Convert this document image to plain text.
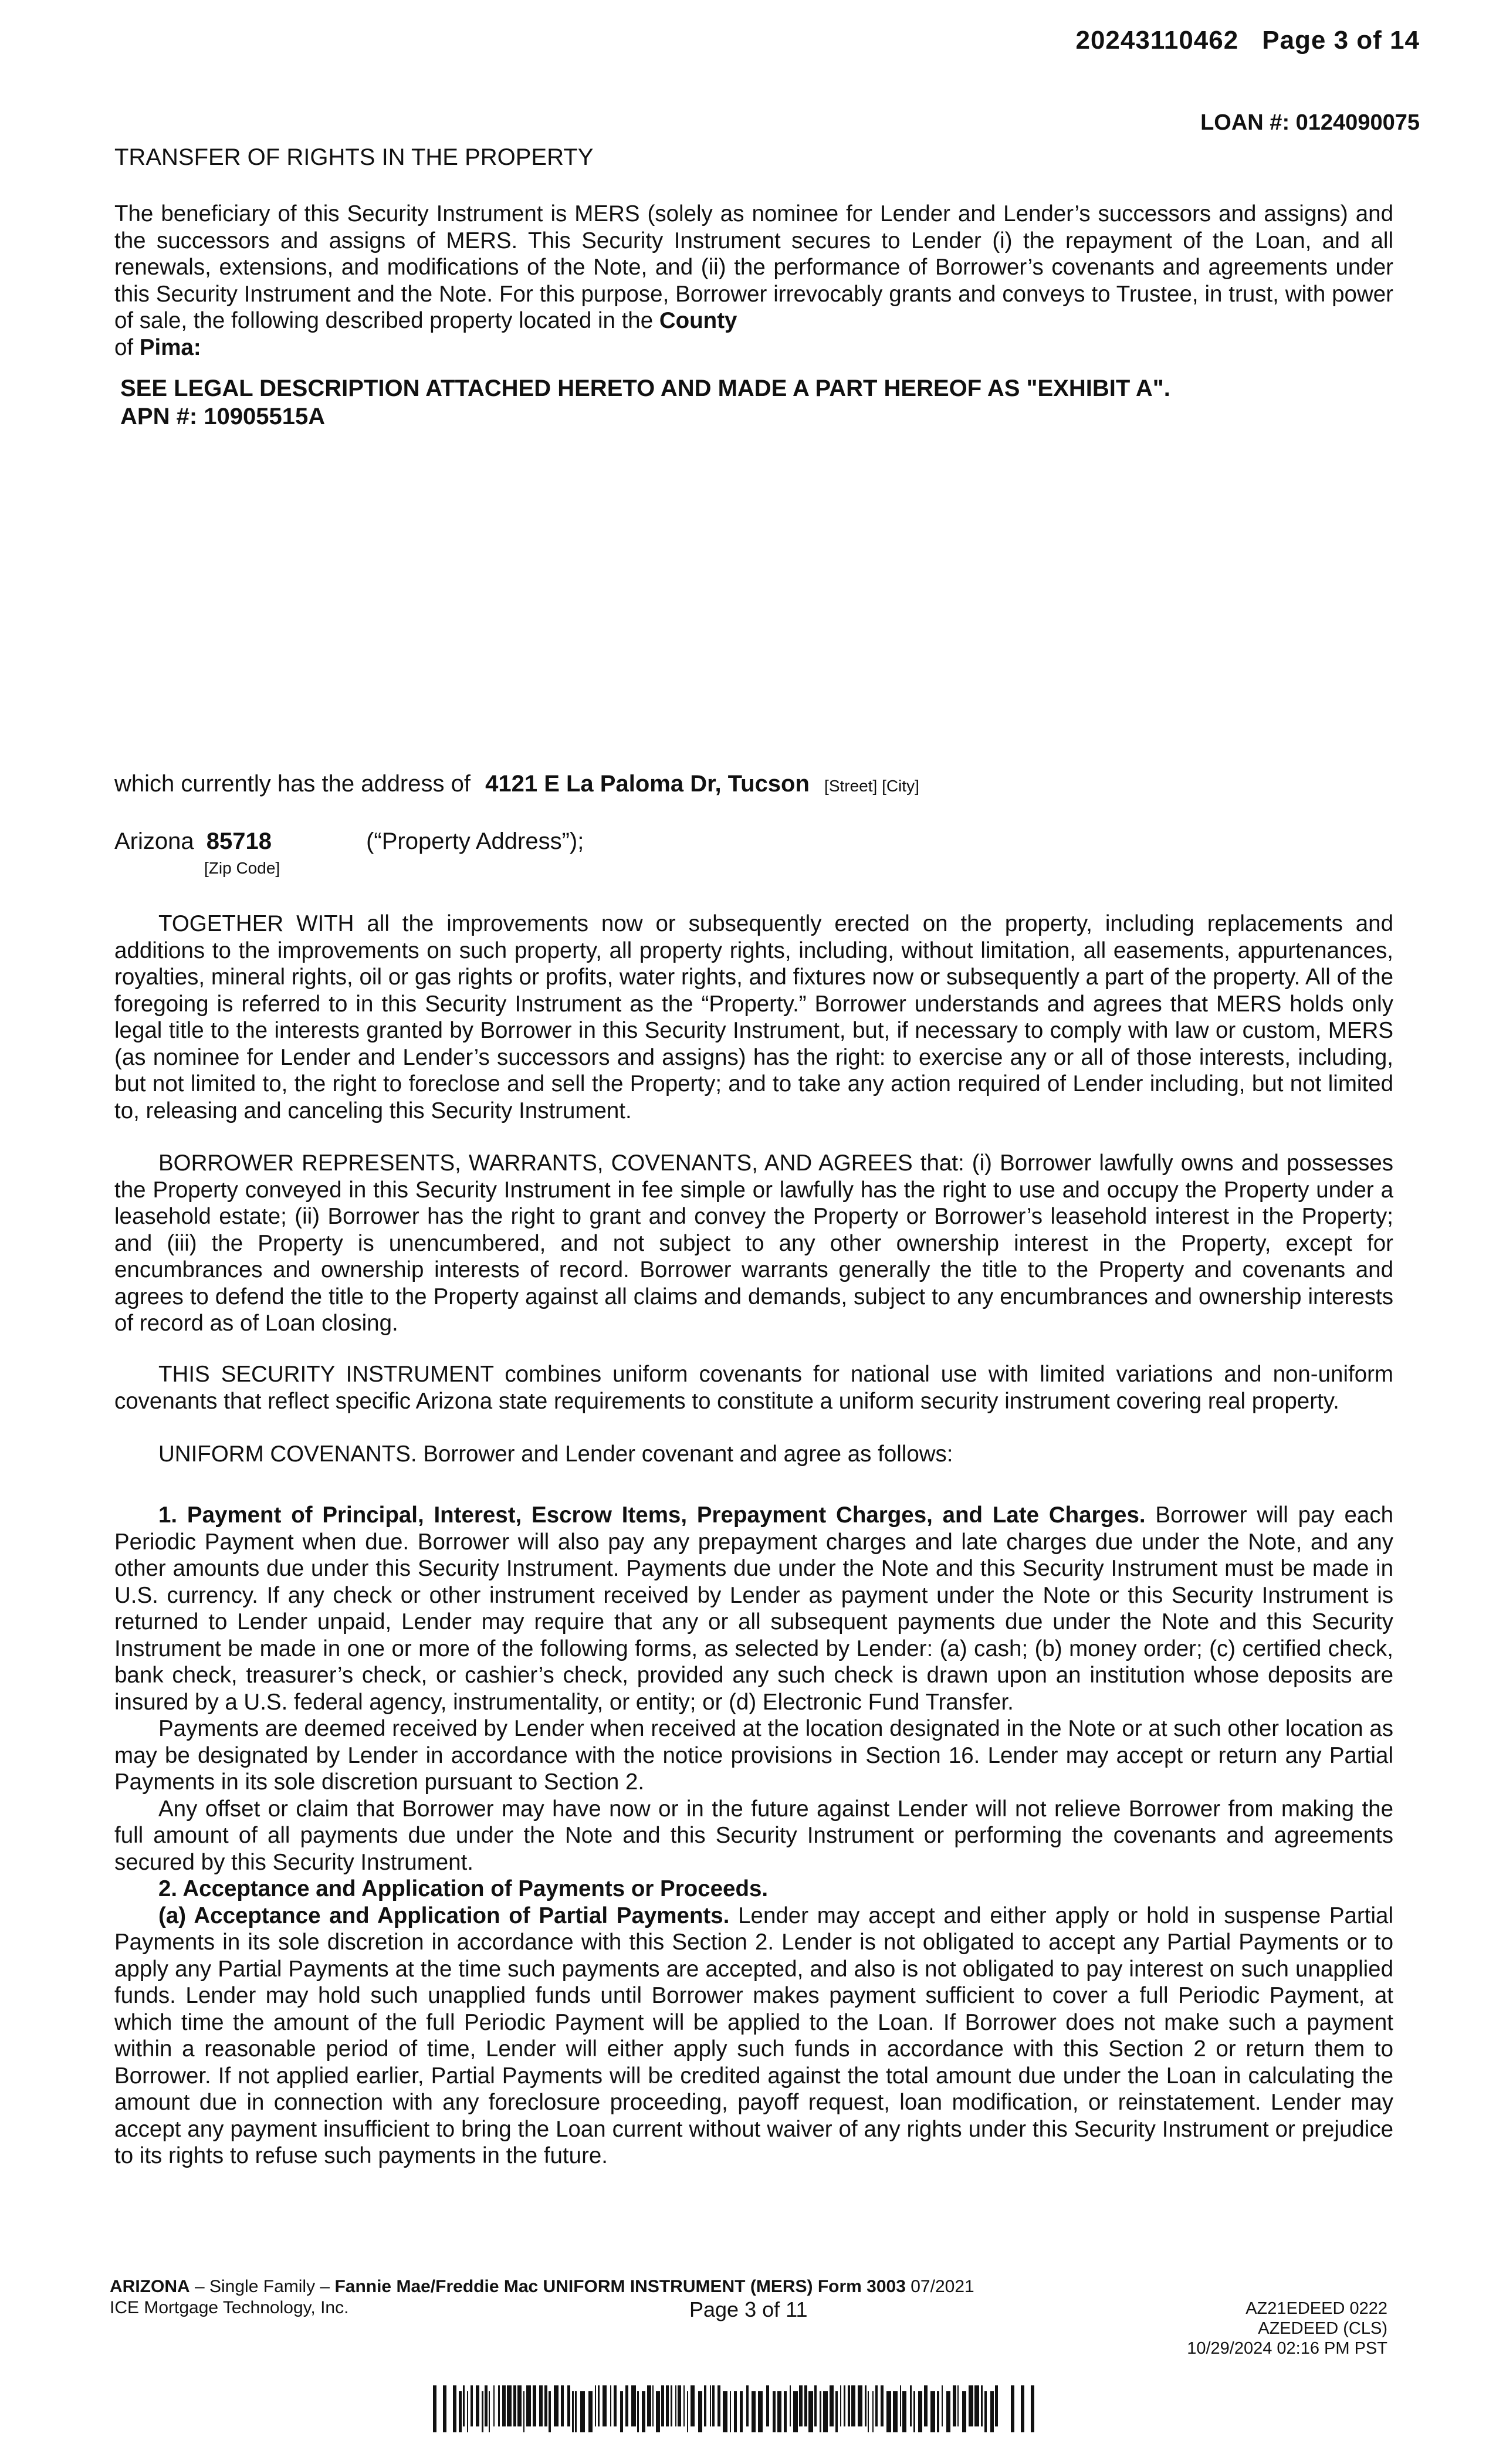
20243110462 Page 3 of 14
LOAN #: 0124090075
TRANSFER OF RIGHTS IN THE PROPERTY

The beneficiary of this Security Instrument is MERS (solely as nominee for Lender and Lender’s successors and assigns) and the successors and assigns of MERS. This Security Instrument secures to Lender (i) the repayment of the Loan, and all renewals, extensions, and modifications of the Note, and (ii) the performance of Borrower’s covenants and agreements under this Security Instrument and the Note. For this purpose, Borrower irrevocably grants and conveys to Trustee, in trust, with power of sale, the following described property located in the County
of Pima:

SEE LEGAL DESCRIPTION ATTACHED HERETO AND MADE A PART HEREOF AS "EXHIBIT A".
APN #: 10905515A
which currently has the address of 4121 E La Paloma Dr, Tucson [Street] [City]
Arizona 85718	(“Property Address”);
[Zip Code]

TOGETHER WITH all the improvements now or subsequently erected on the property, including replacements and additions to the improvements on such property, all property rights, including, without limitation, all easements, appurtenances, royalties, mineral rights, oil or gas rights or profits, water rights, and fixtures now or subsequently a part of the property. All of the foregoing is referred to in this Security Instrument as the “Property.” Borrower understands and agrees that MERS holds only legal title to the interests granted by Borrower in this Security Instrument, but, if necessary to comply with law or custom, MERS (as nominee for Lender and Lender’s successors and assigns) has the right: to exercise any or all of those interests, including, but not limited to, the right to foreclose and sell the Property; and to take any action required of Lender including, but not limited to, releasing and canceling this Security Instrument.

BORROWER REPRESENTS, WARRANTS, COVENANTS, AND AGREES that: (i) Borrower lawfully owns and possesses the Property conveyed in this Security Instrument in fee simple or lawfully has the right to use and occupy the Property under a leasehold estate; (ii) Borrower has the right to grant and convey the Property or Borrower’s leasehold interest in the Property; and (iii) the Property is unencumbered, and not subject to any other ownership interest in the Property, except for encumbrances and ownership interests of record. Borrower warrants generally the title to the Property and covenants and agrees to defend the title to the Property against all claims and demands, subject to any encumbrances and ownership interests of record as of Loan closing.

THIS SECURITY INSTRUMENT combines uniform covenants for national use with limited variations and non-uniform covenants that reflect specific Arizona state requirements to constitute a uniform security instrument covering real property.

UNIFORM COVENANTS. Borrower and Lender covenant and agree as follows:

1. Payment of Principal, Interest, Escrow Items, Prepayment Charges, and Late Charges. Borrower will pay each Periodic Payment when due. Borrower will also pay any prepayment charges and late charges due under the Note, and any other amounts due under this Security Instrument. Payments due under the Note and this Security Instrument must be made in U.S. currency. If any check or other instrument received by Lender as payment under the Note or this Security Instrument is returned to Lender unpaid, Lender may require that any or all subsequent payments due under the Note and this Security Instrument be made in one or more of the following forms, as selected by Lender: (a) cash; (b) money order; (c) certified check, bank check, treasurer’s check, or cashier’s check, provided any such check is drawn upon an institution whose deposits are insured by a U.S. federal agency, instrumentality, or entity; or (d) Electronic Fund Transfer.

Payments are deemed received by Lender when received at the location designated in the Note or at such other location as may be designated by Lender in accordance with the notice provisions in Section 16. Lender may accept or return any Partial Payments in its sole discretion pursuant to Section 2.

Any offset or claim that Borrower may have now or in the future against Lender will not relieve Borrower from making the full amount of all payments due under the Note and this Security Instrument or performing the covenants and agreements secured by this Security Instrument.

2. Acceptance and Application of Payments or Proceeds.

(a) Acceptance and Application of Partial Payments. Lender may accept and either apply or hold in suspense Partial Payments in its sole discretion in accordance with this Section 2. Lender is not obligated to accept any Partial Payments or to apply any Partial Payments at the time such payments are accepted, and also is not obligated to pay interest on such unapplied funds. Lender may hold such unapplied funds until Borrower makes payment sufficient to cover a full Periodic Payment, at which time the amount of the full Periodic Payment will be applied to the Loan. If Borrower does not make such a payment within a reasonable period of time, Lender will either apply such funds in accordance with this Section 2 or return them to Borrower. If not applied earlier, Partial Payments will be credited against the total amount due under the Loan in calculating the amount due in connection with any foreclosure proceeding, payoff request, loan modification, or reinstatement. Lender may accept any payment insufficient to bring the Loan current without waiver of any rights under this Security Instrument or prejudice to its rights to refuse such payments in the future.

ARIZONA – Single Family – Fannie Mae/Freddie Mac UNIFORM INSTRUMENT (MERS) Form 3003 07/2021
ICE Mortgage Technology, Inc.	Page 3 of 11	AZ21EDEED 0222
AZEDEED (CLS)
10/29/2024 02:16 PM PST
